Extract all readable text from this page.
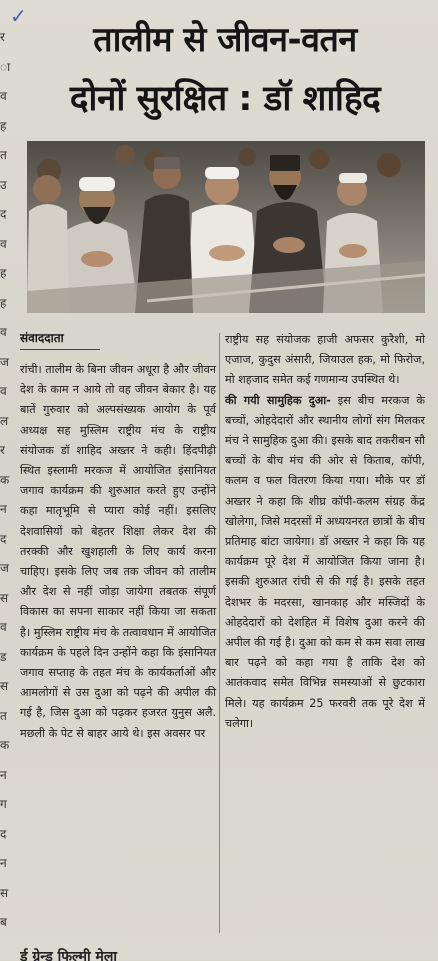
✓
र
ा
व
ह
त
उ
द
व
ह
ह
व
ज
व
ल
र
क
न
द
ज
स
व
ड
स
त
क
न
ग
द
न
स
ब
तालीम से जीवन-वतन
दोनों सुरक्षित : डॉ शाहिद
संवाददाता

रांची। तालीम के बिना जीवन अधूरा है और जीवन देश के काम न आये तो वह जीवन बेकार है। यह बातें गुरुवार को अल्पसंख्यक आयोग के पूर्व अध्यक्ष सह मुस्लिम राष्ट्रीय मंच के राष्ट्रीय संयोजक डॉ शाहिद अख्तर ने कही। हिंदपीढ़ी स्थित इस्लामी मरकज में आयोजित इंसानियत जगाव कार्यक्रम की शुरुआत करते हुए उन्होंने कहा मातृभूमि से प्यारा कोई नहीं। इसलिए देशवासियों को बेहतर शिक्षा लेकर देश की तरक्की और खुशहाली के लिए कार्य करना चाहिए। इसके लिए जब तक जीवन को तालीम और देश से नहीं जोड़ा जायेगा तबतक संपूर्ण विकास का सपना साकार नहीं किया जा सकता है। मुस्लिम राष्ट्रीय मंच के तत्वावधान में आयोजित कार्यक्रम के पहले दिन उन्होंने कहा कि इंसानियत जगाव सप्ताह के तहत मंच के कार्यकर्ताओं और आमलोगों से उस दुआ को पढ़ने की अपील की गई है, जिस दुआ को पढ़कर हजरत युनुस अलै. मछली के पेट से बाहर आये थे। इस अवसर पर

राष्ट्रीय सह संयोजक हाजी अफसर कुरैशी, मो एजाज, कुदुस अंसारी, जियाउल हक, मो फिरोज, मो शहजाद समेत कई गणमान्य उपस्थित थे।

की गयी सामुहिक दुआ- इस बीच मरकज के बच्चों, ओहदेदारों और स्थानीय लोगों संग मिलकर मंच ने सामुहिक दुआ की। इसके बाद तकरीबन सौ बच्चों के बीच मंच की ओर से किताब, कॉपी, कलम व फल वितरण किया गया। मौके पर डॉ अख्तर ने कहा कि शीघ्र कॉपी-कलम संग्रह केंद्र खोलेगा, जिसे मदरसों में अध्ययनरत छात्रों के बीच प्रतिमाह बांटा जायेगा। डॉ अख्तर ने कहा कि यह कार्यक्रम पूरे देश में आयोजित किया जाना है। इसकी शुरुआत रांची से की गई है। इसके तहत देशभर के मदरसा, खानकाह और मस्जिदों के ओहदेदारों को देशहित में विशेष दुआ करने की अपील की गई है। दुआ को कम से कम सवा लाख बार पढ़ने को कहा गया है ताकि देश को आतंकवाद समेत विभिन्न समस्याओं से छुटकारा मिले। यह कार्यक्रम 25 फरवरी तक पूरे देश में चलेगा।

र्ड ग्रेन्ड फिल्मी मेला
